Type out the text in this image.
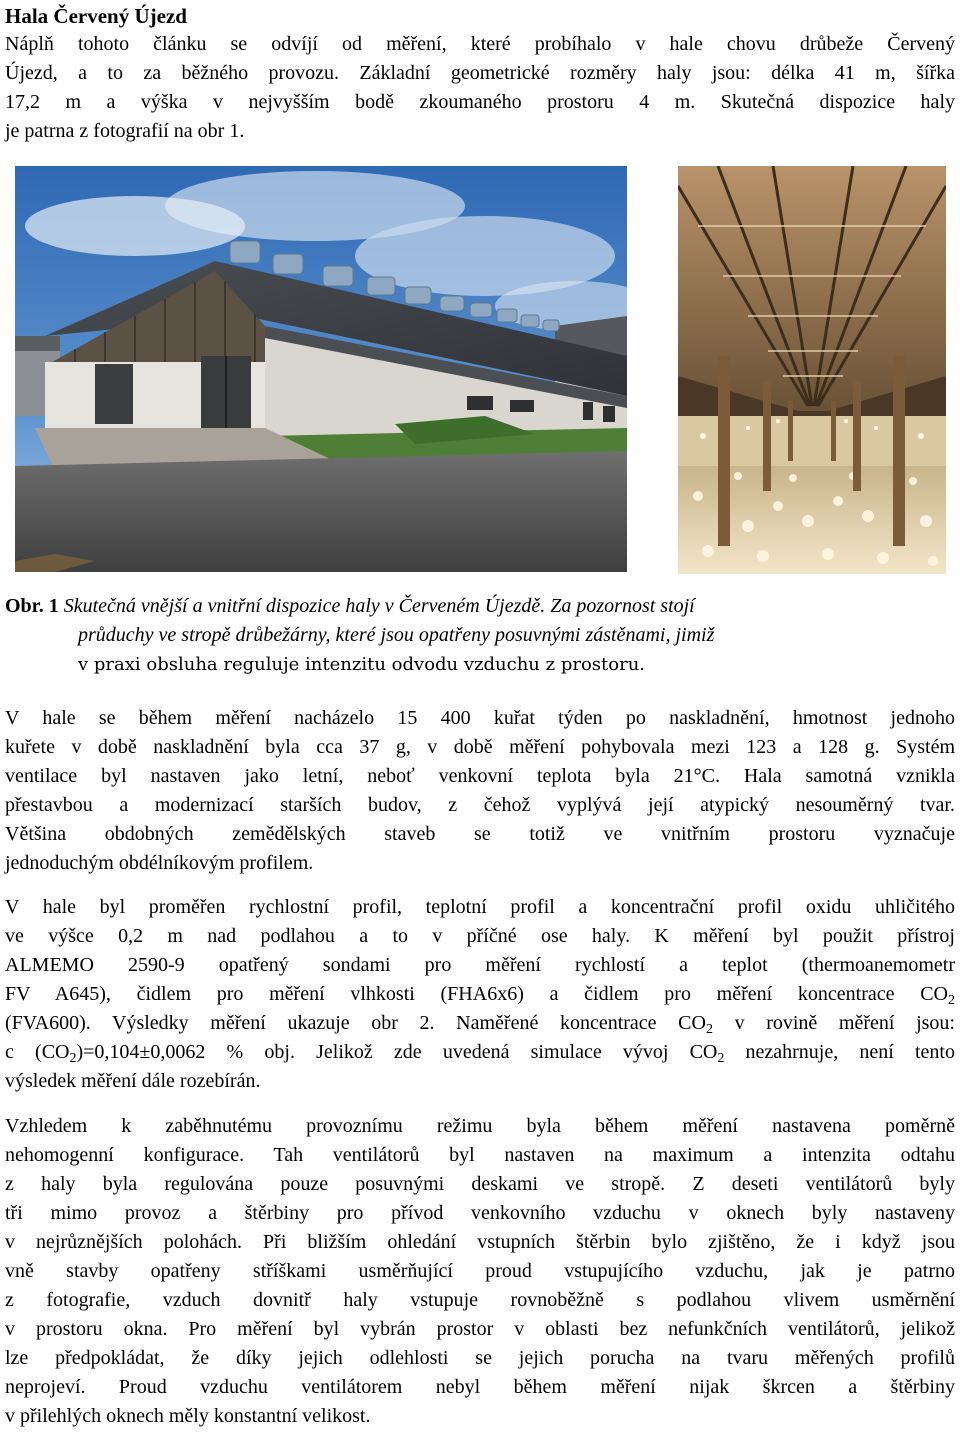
Hala Červený Újezd

Náplň tohoto článku se odvíjí od měření, které probíhalo v hale chovu drůbeže Červený
Újezd, a to za běžného provozu. Základní geometrické rozměry haly jsou: délka 41 m, šířka
17,2 m a výška v nejvyšším bodě zkoumaného prostoru 4 m. Skutečná dispozice haly
je patrna z fotografií na obr 1.

Obr. 1 Skutečná vnější a vnitřní dispozice haly v Červeném Újezdě. Za pozornost stojí
průduchy ve stropě drůbežárny, které jsou opatřeny posuvnými zástěnami, jimiž
v praxi obsluha reguluje intenzitu odvodu vzduchu z prostoru.

V hale se během měření nacházelo 15 400 kuřat týden po naskladnění, hmotnost jednoho
kuřete v době naskladnění byla cca 37 g, v době měření pohybovala mezi 123 a 128 g. Systém
ventilace byl nastaven jako letní, neboť venkovní teplota byla 21°C. Hala samotná vznikla
přestavbou a modernizací starších budov, z čehož vyplývá její atypický nesouměrný tvar.
Většina obdobných zemědělských staveb se totiž ve vnitřním prostoru vyznačuje
jednoduchým obdélníkovým profilem.

V hale byl proměřen rychlostní profil, teplotní profil a koncentrační profil oxidu uhličitého
ve výšce 0,2 m nad podlahou a to v příčné ose haly. K měření byl použit přístroj
ALMEMO 2590-9 opatřený sondami pro měření rychlostí a teplot (thermoanemometr
FV A645), čidlem pro měření vlhkosti (FHA6x6) a čidlem pro měření koncentrace $CO_2$
(FVA600). Výsledky měření ukazuje obr 2. Naměřené koncentrace $CO_2$ v rovině měření jsou:
c $(CO_2)=0,104\pm 0,0062$ % obj. Jelikož zde uvedená simulace vývoj $CO_2$ nezahrnuje, není tento
výsledek měření dále rozebírán.

Vzhledem k zaběhnutému provoznímu režimu byla během měření nastavena poměrně
nehomogenní konfigurace. Tah ventilátorů byl nastaven na maximum a intenzita odtahu
z haly byla regulována pouze posuvnými deskami ve stropě. Z deseti ventilátorů byly
tři mimo provoz a štěrbiny pro přívod venkovního vzduchu v oknech byly nastaveny
v nejrůznějších polohách. Při bližším ohledání vstupních štěrbin bylo zjištěno, že i když jsou
vně stavby opatřeny stříškami usměrňující proud vstupujícího vzduchu, jak je patrno
z fotografie, vzduch dovnitř haly vstupuje rovnoběžně s podlahou vlivem usměrnění
v prostoru okna. Pro měření byl vybrán prostor v oblasti bez nefunkčních ventilátorů, jelikož
lze předpokládat, že díky jejich odlehlosti se jejich porucha na tvaru měřených profilů
neprojeví. Proud vzduchu ventilátorem nebyl během měření nijak škrcen a štěrbiny
v přilehlých oknech měly konstantní velikost.
